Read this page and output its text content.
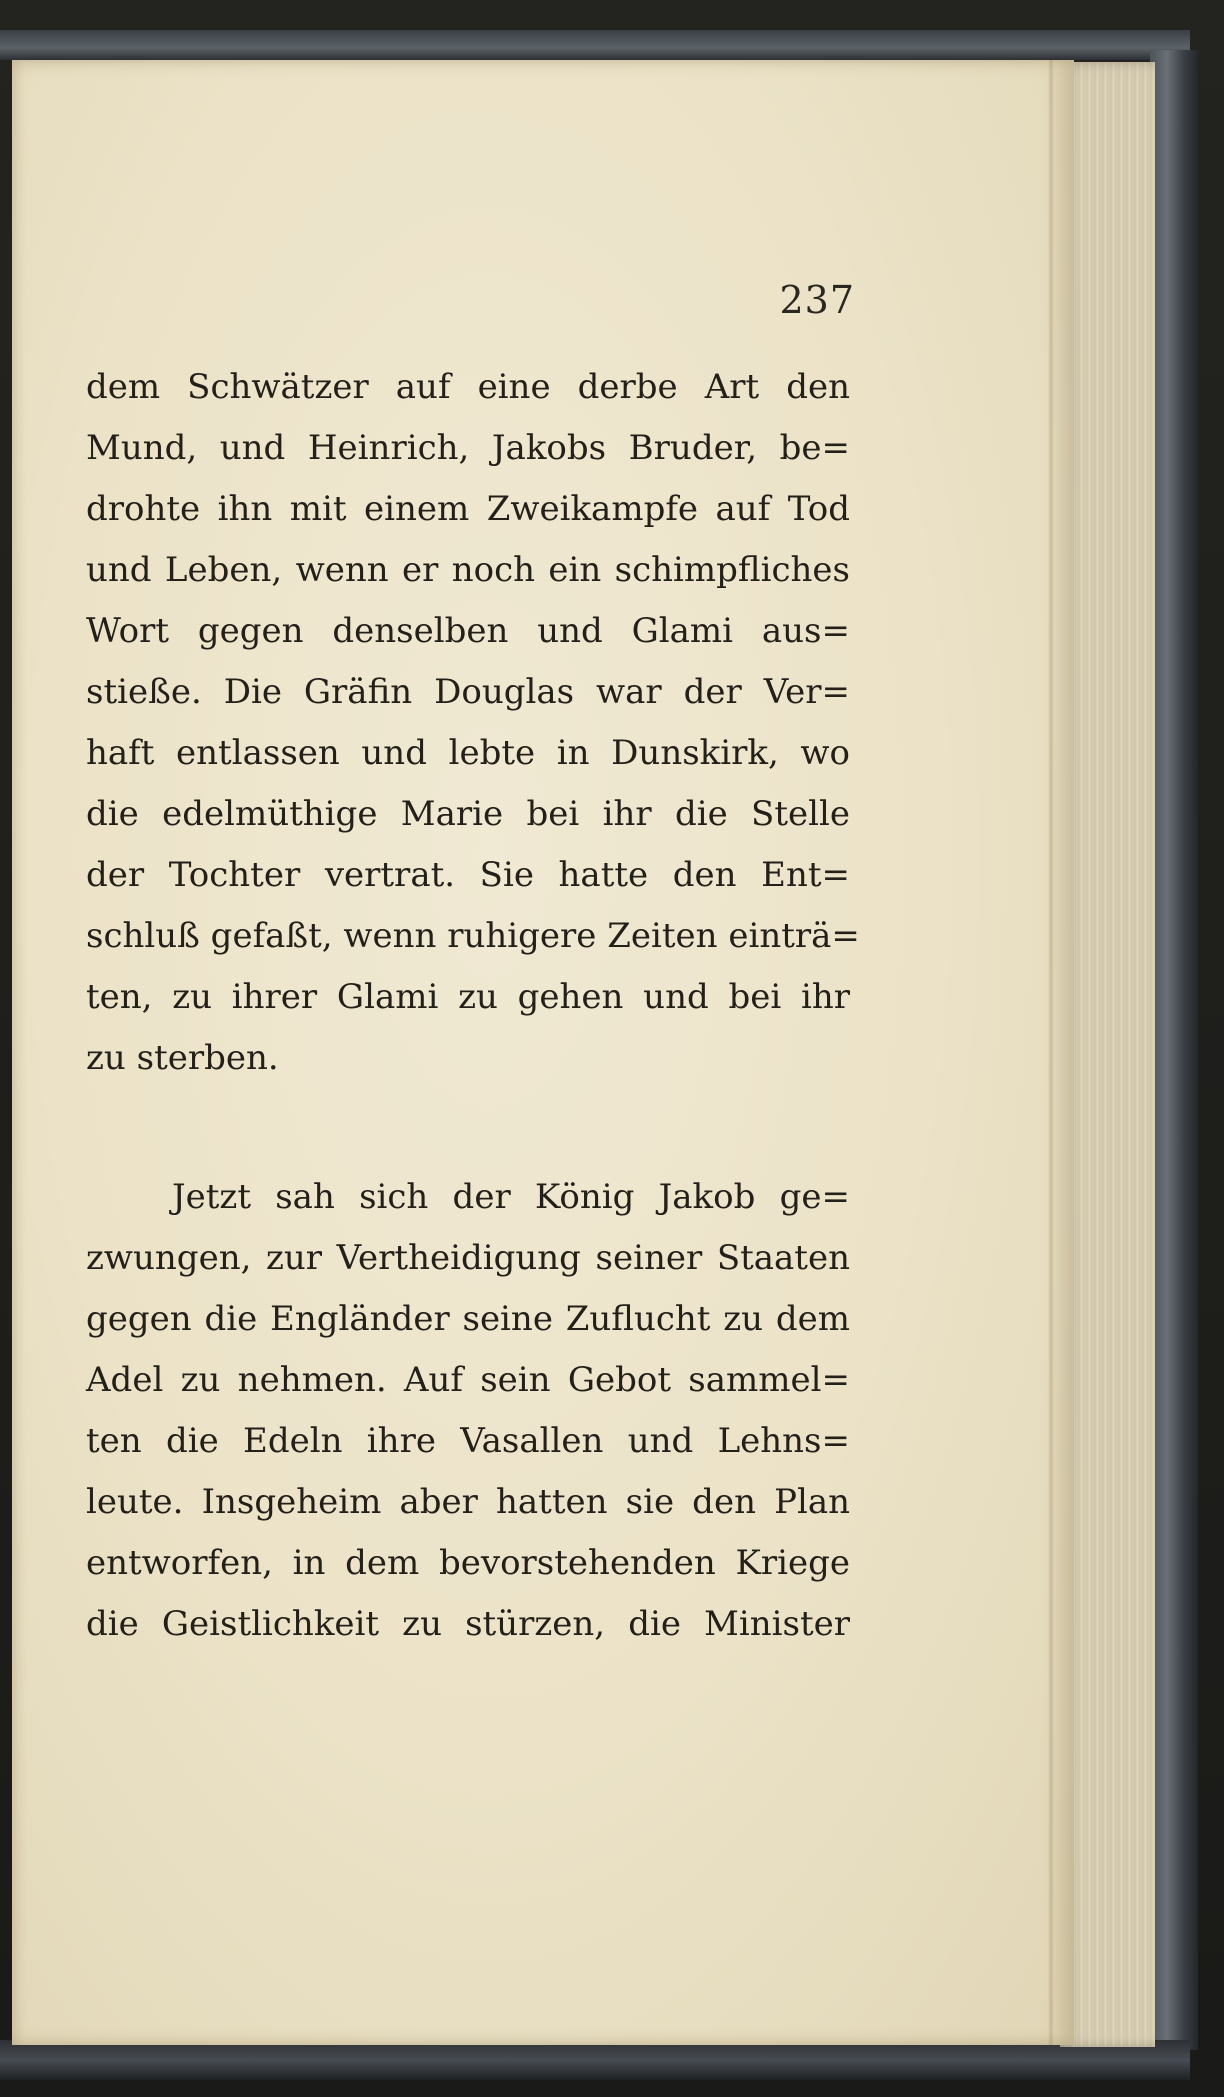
237
dem Schwätzer auf eine derbe Art den
Mund, und Heinrich, Jakobs Bruder, be=
drohte ihn mit einem Zweikampfe auf Tod
und Leben, wenn er noch ein schimpfliches
Wort gegen denselben und Glami aus=
stieße. Die Gräfin Douglas war der Ver=
haft entlassen und lebte in Dunskirk, wo
die edelmüthige Marie bei ihr die Stelle
der Tochter vertrat. Sie hatte den Ent=
schluß gefaßt, wenn ruhigere Zeiten einträ=
ten, zu ihrer Glami zu gehen und bei ihr
zu sterben.
Jetzt sah sich der König Jakob ge=
zwungen, zur Vertheidigung seiner Staaten
gegen die Engländer seine Zuflucht zu dem
Adel zu nehmen. Auf sein Gebot sammel=
ten die Edeln ihre Vasallen und Lehns=
leute. Insgeheim aber hatten sie den Plan
entworfen, in dem bevorstehenden Kriege
die Geistlichkeit zu stürzen, die Minister
